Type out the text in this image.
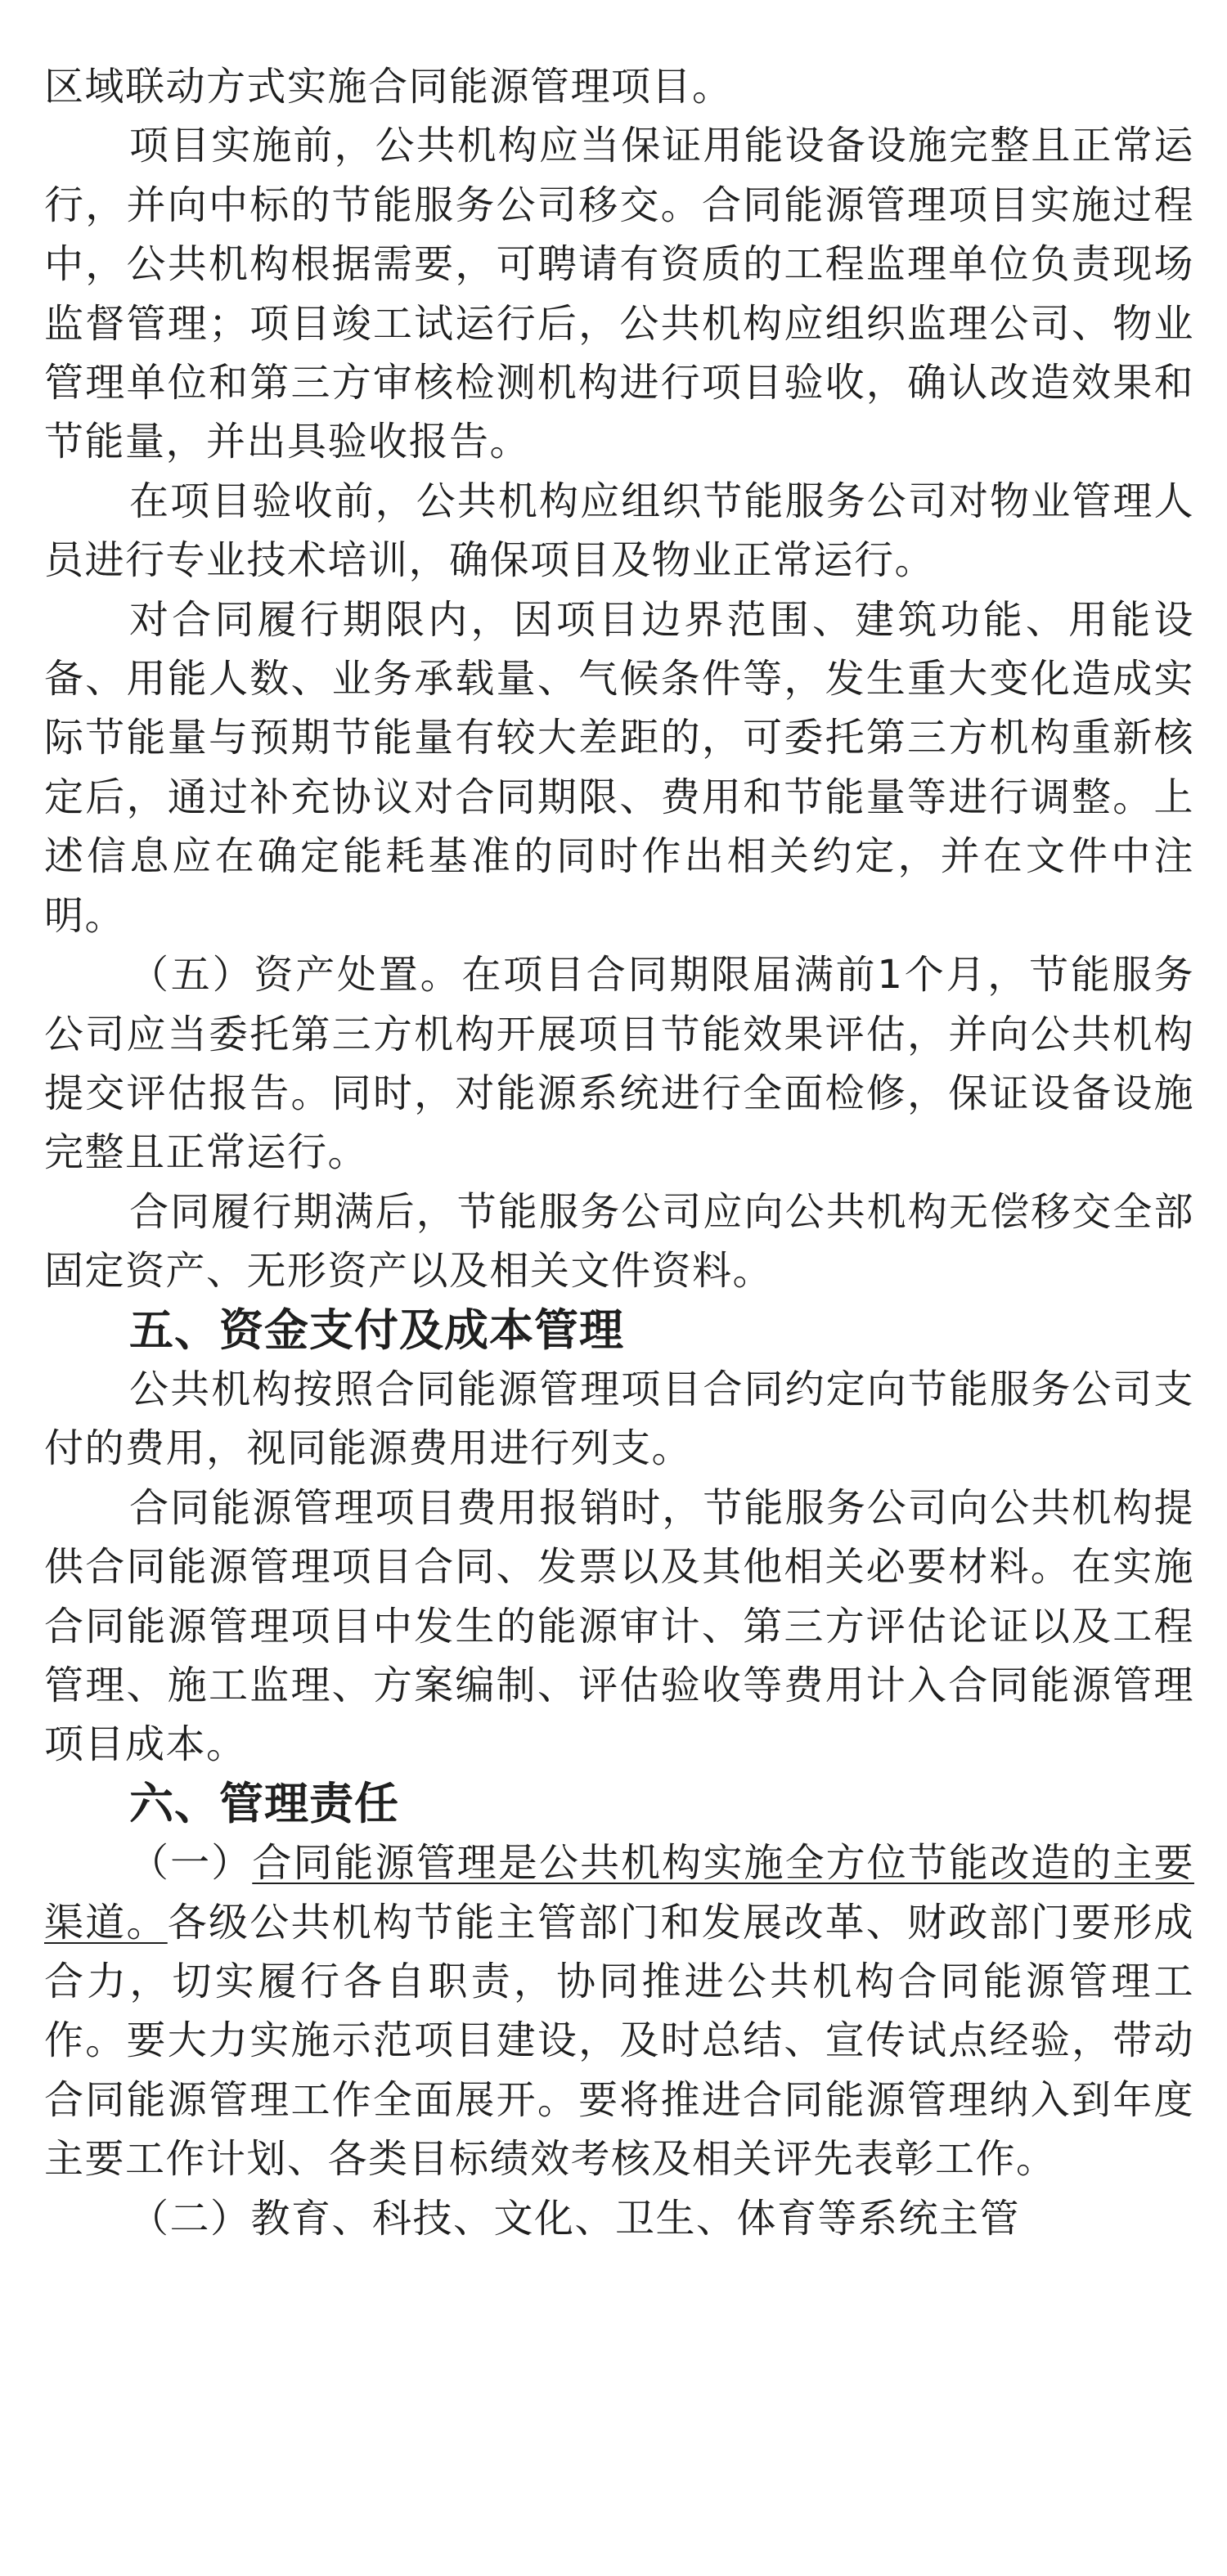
区域联动方式实施合同能源管理项目。

项目实施前，公共机构应当保证用能设备设施完整且正常运行，并向中标的节能服务公司移交。合同能源管理项目实施过程中，公共机构根据需要，可聘请有资质的工程监理单位负责现场监督管理；项目竣工试运行后，公共机构应组织监理公司、物业管理单位和第三方审核检测机构进行项目验收，确认改造效果和节能量，并出具验收报告。

在项目验收前，公共机构应组织节能服务公司对物业管理人员进行专业技术培训，确保项目及物业正常运行。

对合同履行期限内，因项目边界范围、建筑功能、用能设备、用能人数、业务承载量、气候条件等，发生重大变化造成实际节能量与预期节能量有较大差距的，可委托第三方机构重新核定后，通过补充协议对合同期限、费用和节能量等进行调整。上述信息应在确定能耗基准的同时作出相关约定，并在文件中注明。

（五）资产处置。在项目合同期限届满前1个月，节能服务公司应当委托第三方机构开展项目节能效果评估，并向公共机构提交评估报告。同时，对能源系统进行全面检修，保证设备设施完整且正常运行。

合同履行期满后，节能服务公司应向公共机构无偿移交全部固定资产、无形资产以及相关文件资料。

五、资金支付及成本管理

公共机构按照合同能源管理项目合同约定向节能服务公司支付的费用，视同能源费用进行列支。

合同能源管理项目费用报销时，节能服务公司向公共机构提供合同能源管理项目合同、发票以及其他相关必要材料。在实施合同能源管理项目中发生的能源审计、第三方评估论证以及工程管理、施工监理、方案编制、评估验收等费用计入合同能源管理项目成本。

六、管理责任

（一）合同能源管理是公共机构实施全方位节能改造的主要渠道。各级公共机构节能主管部门和发展改革、财政部门要形成合力，切实履行各自职责，协同推进公共机构合同能源管理工作。要大力实施示范项目建设，及时总结、宣传试点经验，带动合同能源管理工作全面展开。要将推进合同能源管理纳入到年度主要工作计划、各类目标绩效考核及相关评先表彰工作。

（二）教育、科技、文化、卫生、体育等系统主管
